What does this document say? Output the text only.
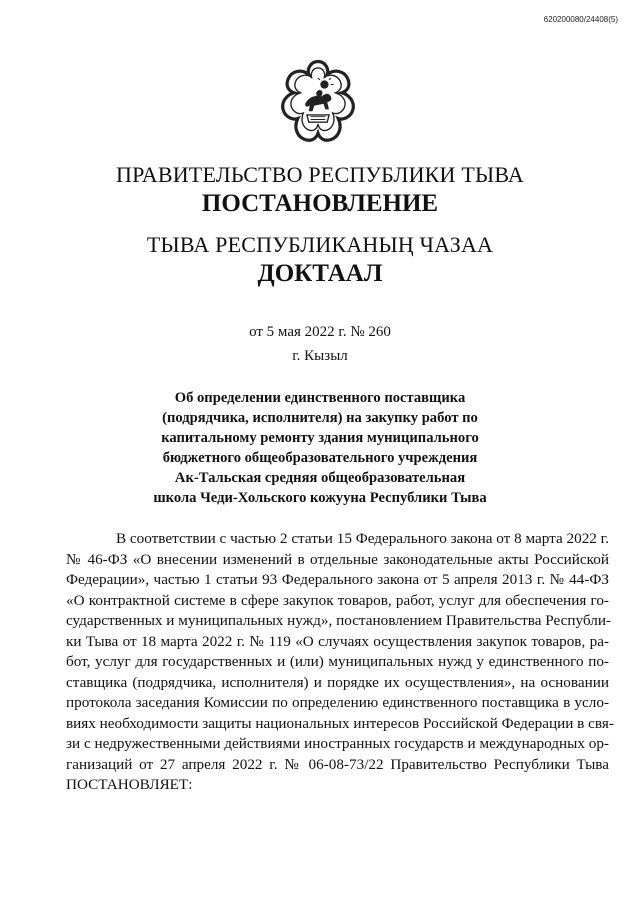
620200080/24408(5)
ПРАВИТЕЛЬСТВО РЕСПУБЛИКИ ТЫВА
ПОСТАНОВЛЕНИЕ
ТЫВА РЕСПУБЛИКАНЫҢ ЧАЗАА
ДОКТААЛ
от 5 мая 2022 г. № 260
г. Кызыл
Об определении единственного поставщика
(подрядчика, исполнителя) на закупку работ по
капитальному ремонту здания муниципального
бюджетного общеобразовательного учреждения
Ак-Тальская средняя общеобразовательная
школа Чеди-Хольского кожууна Республики Тыва
В соответствии с частью 2 статьи 15 Федерального закона от 8 марта 2022 г.
№ 46-ФЗ «О внесении изменений в отдельные законодательные акты Российской
Федерации», частью 1 статьи 93 Федерального закона от 5 апреля 2013 г. № 44-ФЗ
«О контрактной системе в сфере закупок товаров, работ, услуг для обеспечения го-
сударственных и муниципальных нужд», постановлением Правительства Республи-
ки Тыва от 18 марта 2022 г. № 119 «О случаях осуществления закупок товаров, ра-
бот, услуг для государственных и (или) муниципальных нужд у единственного по-
ставщика (подрядчика, исполнителя) и порядке их осуществления», на основании
протокола заседания Комиссии по определению единственного поставщика в усло-
виях необходимости защиты национальных интересов Российской Федерации в свя-
зи с недружественными действиями иностранных государств и международных ор-
ганизаций от 27 апреля 2022 г. № 06-08-73/22 Правительство Республики Тыва
ПОСТАНОВЛЯЕТ:
